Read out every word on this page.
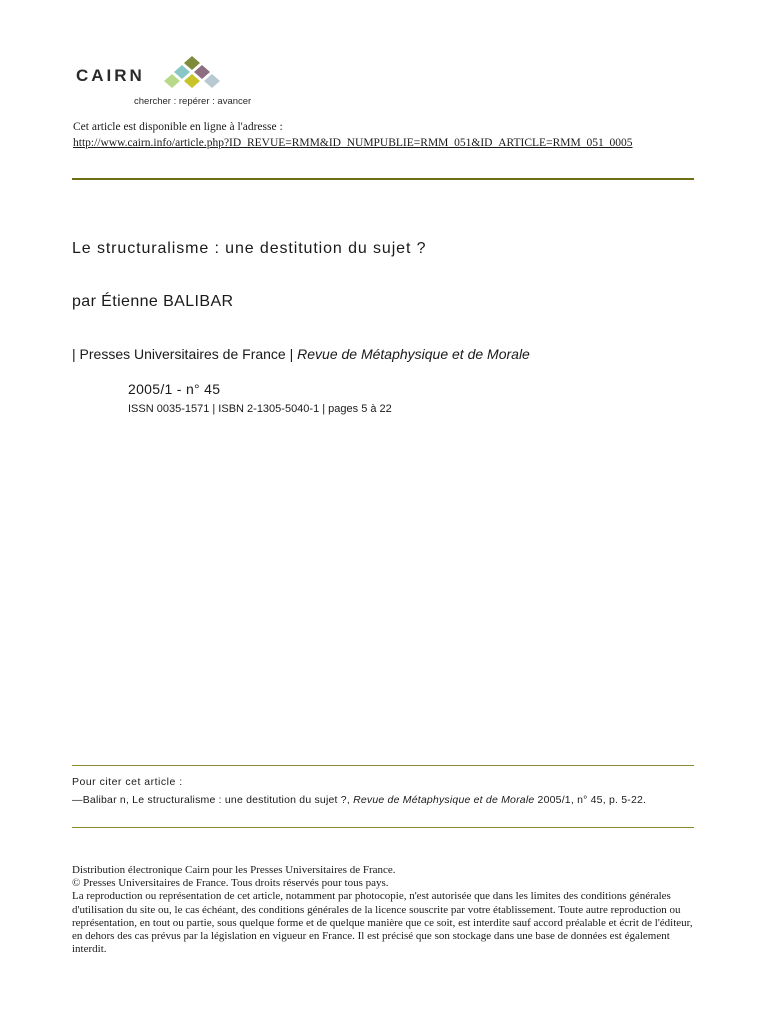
CAIRN
chercher : repérer : avancer
Cet article est disponible en ligne à l'adresse :
http://www.cairn.info/article.php?ID_REVUE=RMM&ID_NUMPUBLIE=RMM_051&ID_ARTICLE=RMM_051_0005
Le structuralisme : une destitution du sujet ?
par Étienne BALIBAR
| Presses Universitaires de France | Revue de Métaphysique et de Morale
2005/1 - n° 45
ISSN 0035-1571 | ISBN 2-1305-5040-1 | pages 5 à 22
Pour citer cet article :
—Balibar n, Le structuralisme : une destitution du sujet ?, Revue de Métaphysique et de Morale 2005/1, n° 45, p. 5-22.

Distribution électronique Cairn pour les Presses Universitaires de France.

© Presses Universitaires de France. Tous droits réservés pour tous pays.

La reproduction ou représentation de cet article, notamment par photocopie, n'est autorisée que dans les limites des conditions générales d'utilisation du site ou, le cas échéant, des conditions générales de la licence souscrite par votre établissement. Toute autre reproduction ou représentation, en tout ou partie, sous quelque forme et de quelque manière que ce soit, est interdite sauf accord préalable et écrit de l'éditeur, en dehors des cas prévus par la législation en vigueur en France. Il est précisé que son stockage dans une base de données est également interdit.
